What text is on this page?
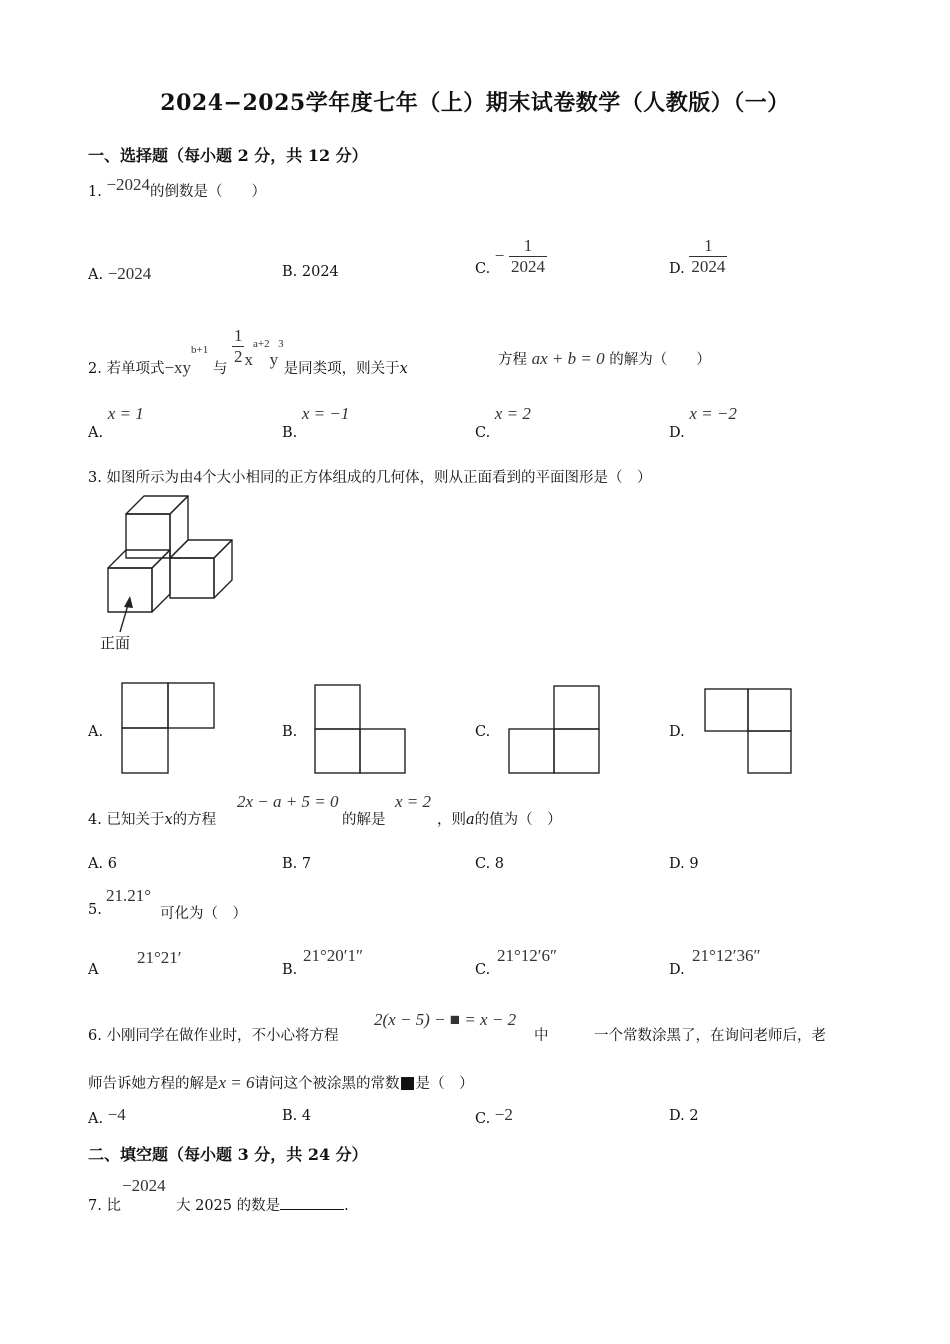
2024−2025学年度七年（上）期末试卷数学（人教版）（一）
一、选择题（每小题 2 分，共 12 分）
1. −2024的倒数是（　　）
A. −2024	B. 2024	C. − $\frac{1}{2024}$	D. $\frac{1}{2024}$
2. 若单项式$-xy^{b+1}$ 与
$\frac{1}{2} x^{a+2}y^3$是同类项，则关于x
方程 ax + b = 0 的解为（　　）
A. x = 1
B. x = −1
C. x = 2
D. x = −2
3. 如图所示为由4个大小相同的正方体组成的几何体，则从正面看到的平面图形是（　）
正面
A.	B.	C.	D.
4. 已知关于x的方程
2x − a + 5 = 0
的解是
x = 2
，则a的值为（　）
A. 6	B. 7	C. 8	D. 9
5.
21.21°
可化为（　）
A
21°21′
B.
21°20′1″
C.
21°12′6″
D.
21°12′36″
6. 小刚同学在做作业时，不小心将方程
2(x − 5) − ■ = x − 2
中	一个常数涂黑了，在询问老师后，老
师告诉她方程的解是x = 6请问这个被涂黑的常数■是（　）
A. −4	B. 4	C. −2	D. 2
二、填空题（每小题 3 分，共 24 分）
7. 比
−2024
大 2025 的数是	.
